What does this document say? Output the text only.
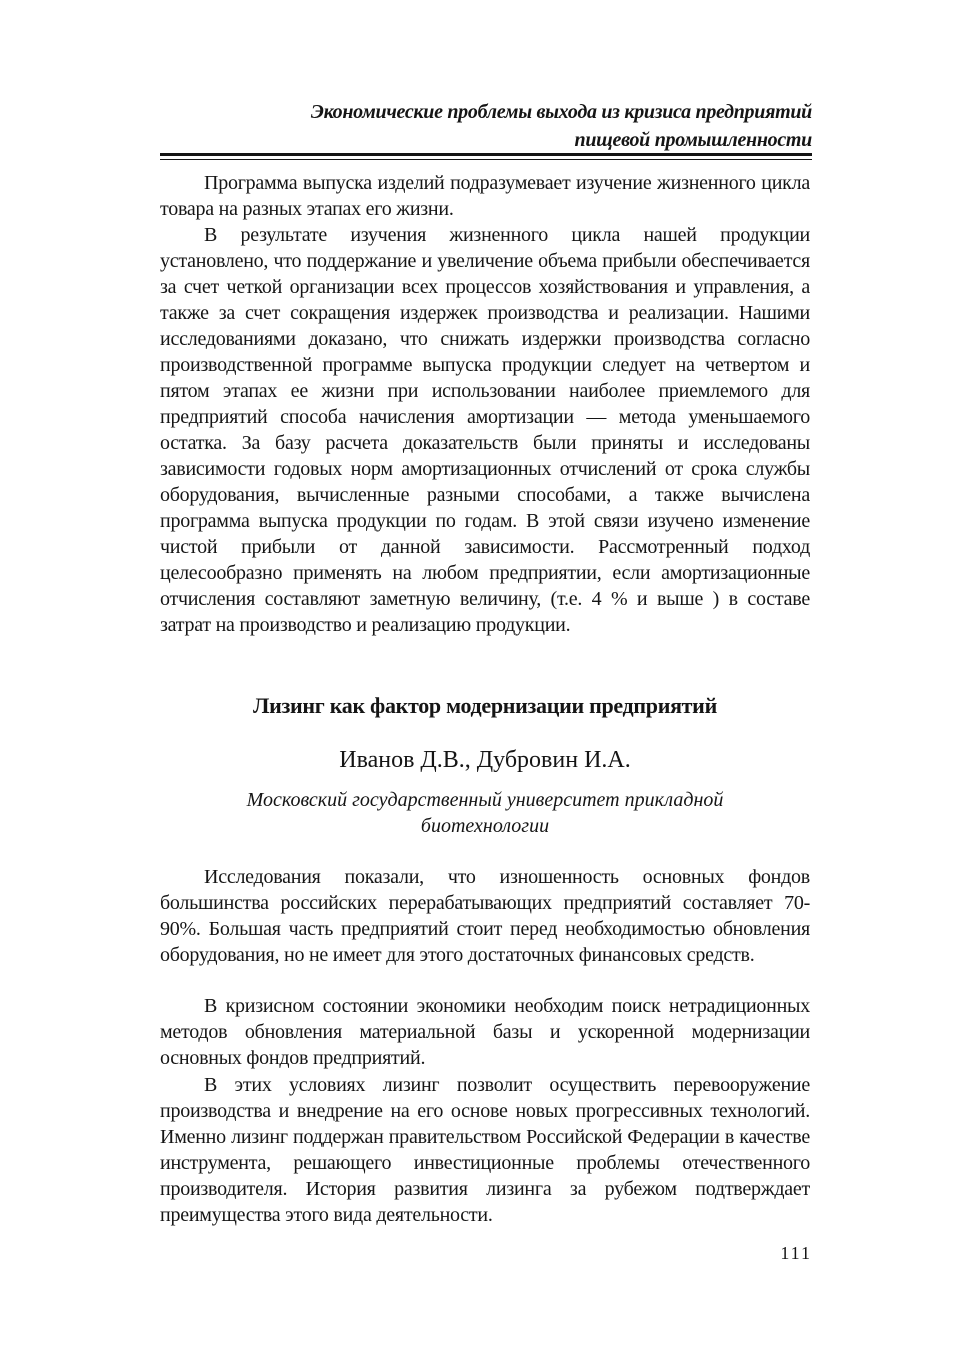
Экономические проблемы выхода из кризиса предприятий
пищевой промышленности

Программа выпуска изделий подразумевает изучение жизненного цикла товара на разных этапах его жизни.

В результате изучения жизненного цикла нашей продукции установлено, что поддержание и увеличение объема прибыли обеспечивается за счет четкой организации всех процессов хозяйствования и управления, а также за счет сокращения издержек производства и реализации. Нашими исследованиями доказано, что снижать издержки производства согласно производственной программе выпуска продукции следует на четвертом и пятом этапах ее жизни при использовании наиболее приемлемого для предприятий способа начисления амортизации — метода уменьшаемого остатка. За базу расчета доказательств были приняты и исследованы зависимости годовых норм амортизационных отчислений от срока службы оборудования, вычисленные разными способами, а также вычислена программа выпуска продукции по годам. В этой связи изучено изменение чистой прибыли от данной зависимости. Рассмотренный подход целесообразно применять на любом предприятии, если амортизационные отчисления составляют заметную величину, (т.е. 4 % и выше ) в составе затрат на производство и реализацию продукции.

Лизинг как фактор модернизации предприятий
Иванов Д.В., Дубровин И.А.
Московский государственный университет прикладной
биотехнологии

Исследования показали, что изношенность основных фондов большинства российских перерабатывающих предприятий составляет 70-90%. Большая часть предприятий стоит перед необходимостью обновления оборудования, но не имеет для этого достаточных финансовых средств.

В кризисном состоянии экономики необходим поиск нетрадиционных методов обновления материальной базы и ускоренной модернизации основных фондов предприятий.

В этих условиях лизинг позволит осуществить перевооружение производства и внедрение на его основе новых прогрессивных технологий. Именно лизинг поддержан правительством Российской Федерации в качестве инструмента, решающего инвестиционные проблемы отечественного производителя. История развития лизинга за рубежом подтверждает преимущества этого вида деятельности.

111
